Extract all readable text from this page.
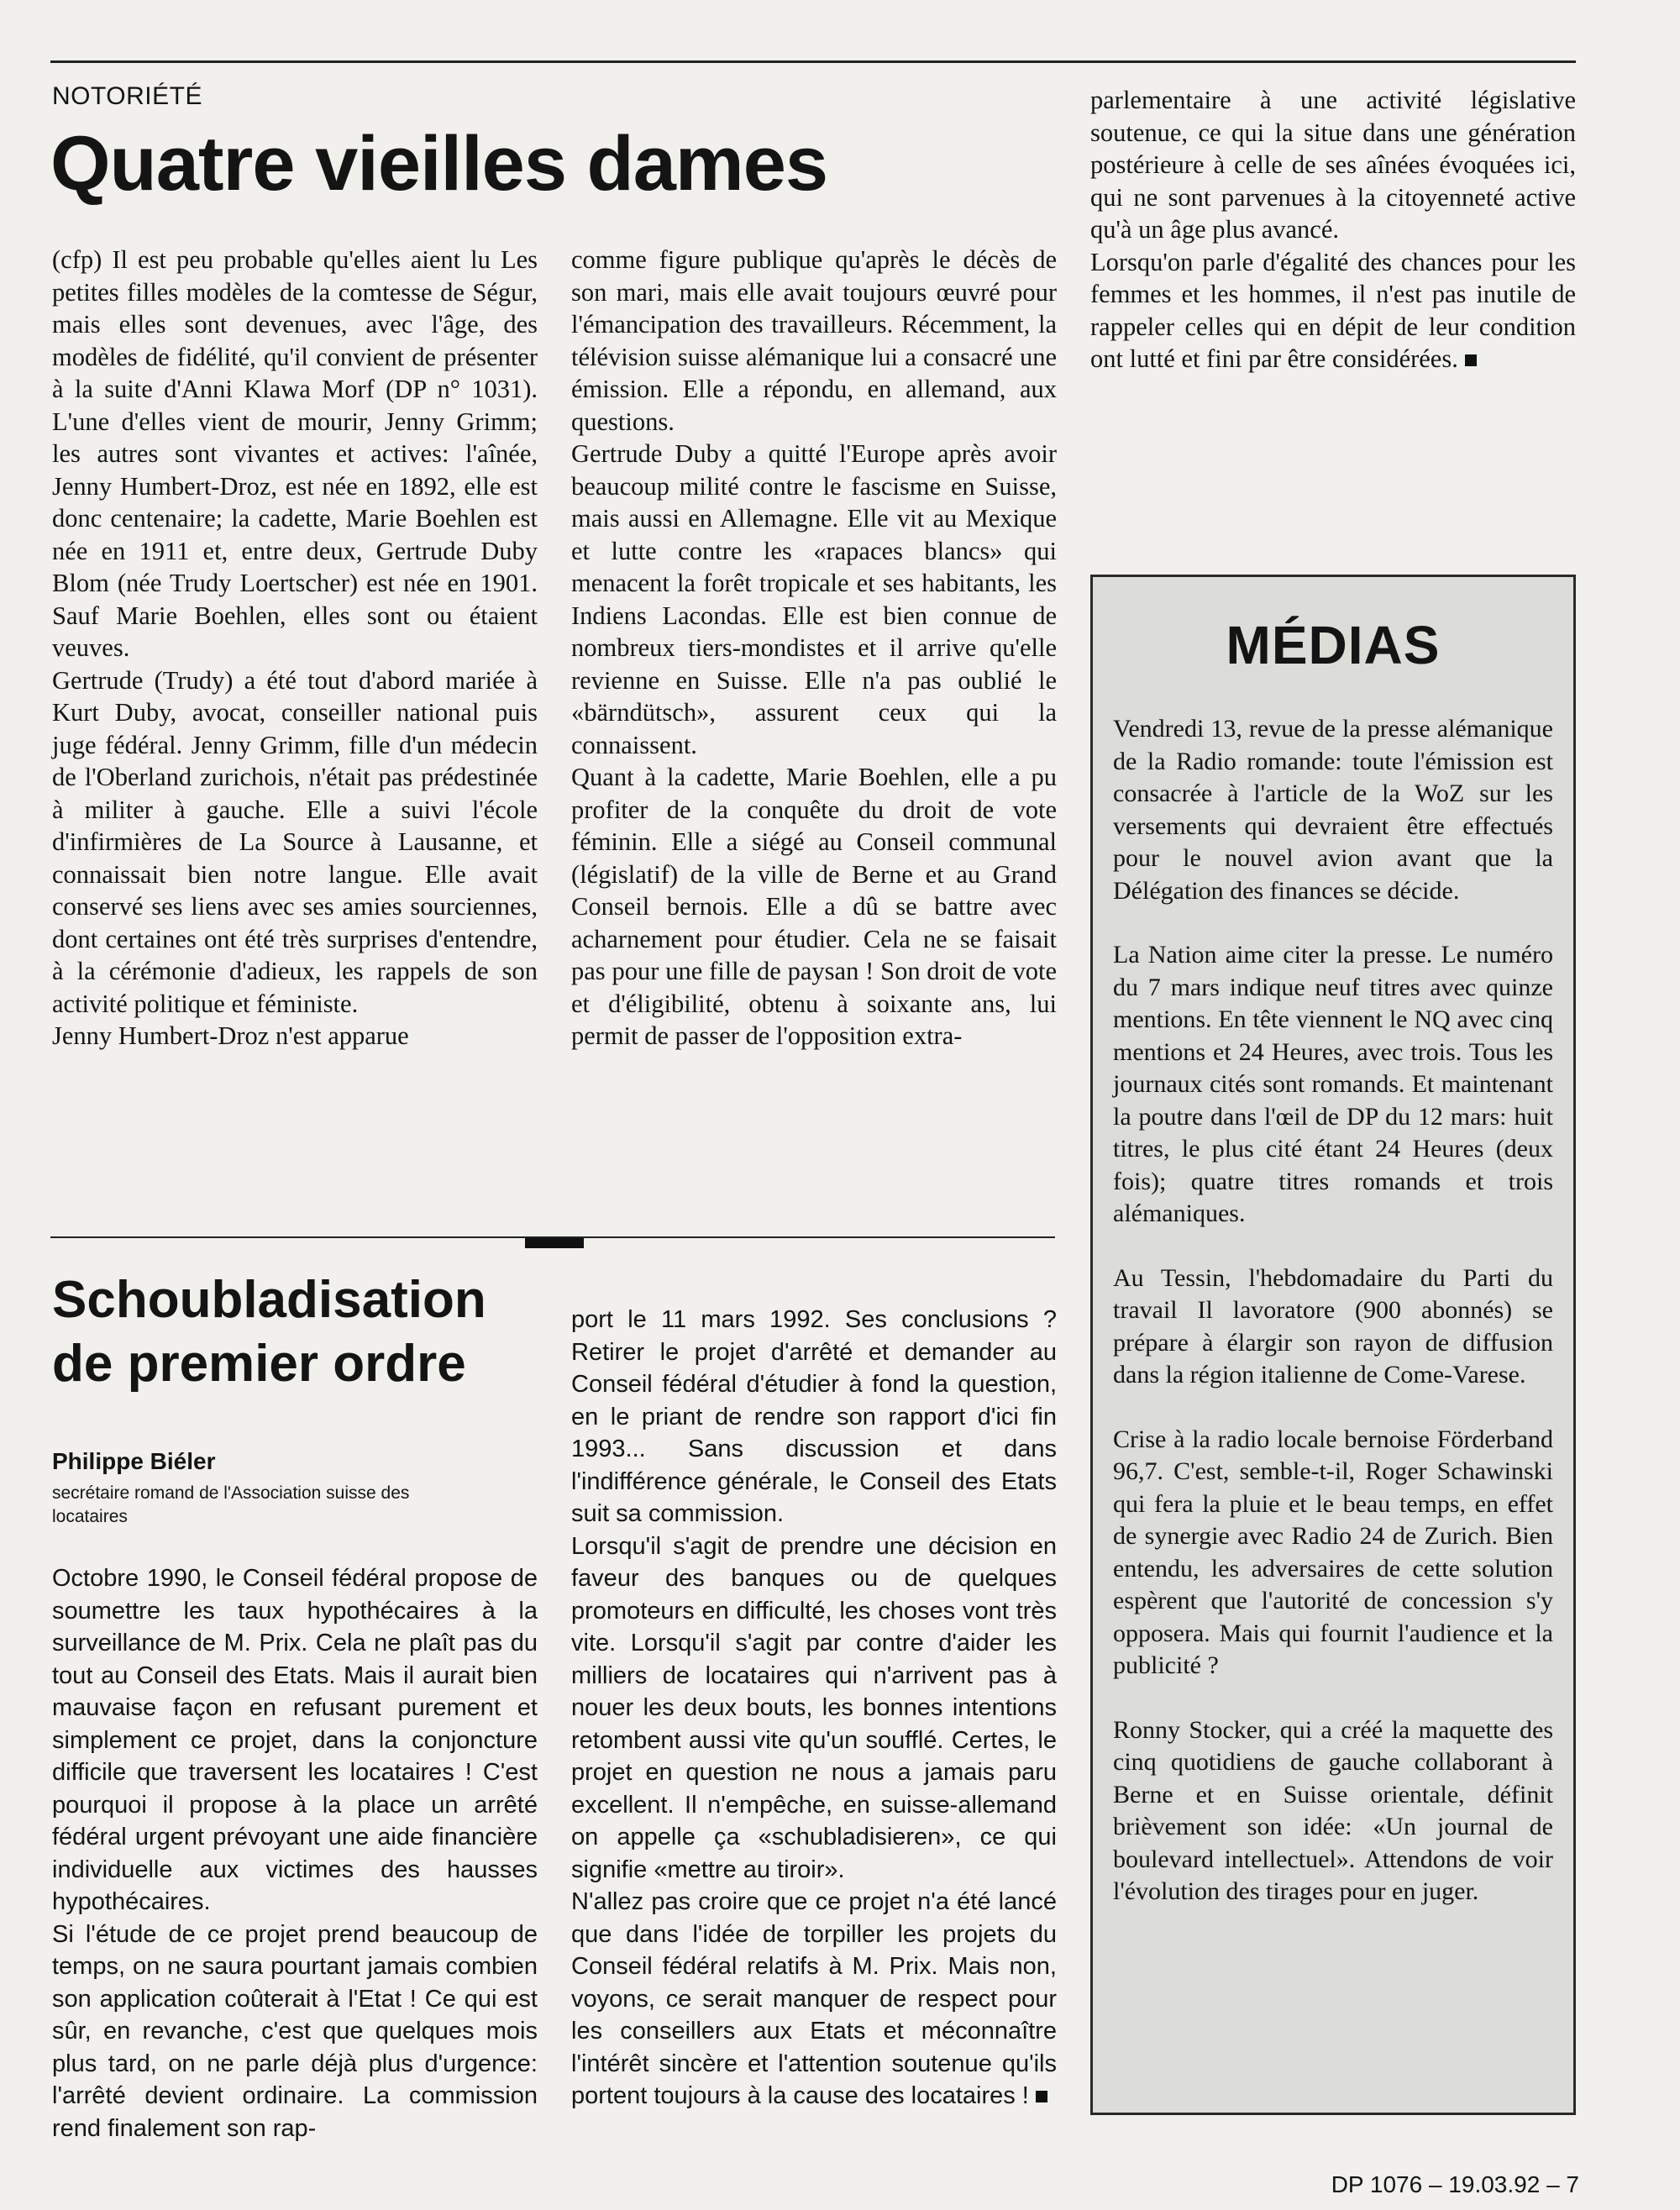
NOTORIÉTÉ
Quatre vieilles dames

(cfp) Il est peu probable qu'elles aient lu Les petites filles modèles de la comtesse de Ségur, mais elles sont devenues, avec l'âge, des modèles de fidélité, qu'il convient de présenter à la suite d'Anni Klawa Morf (DP n° 1031). L'une d'elles vient de mourir, Jenny Grimm; les autres sont vivantes et actives: l'aînée, Jenny Humbert-Droz, est née en 1892, elle est donc centenaire; la cadette, Marie Boehlen est née en 1911 et, entre deux, Gertrude Duby Blom (née Trudy Loertscher) est née en 1901. Sauf Marie Boehlen, elles sont ou étaient veuves.

Gertrude (Trudy) a été tout d'abord mariée à Kurt Duby, avocat, conseiller national puis juge fédéral. Jenny Grimm, fille d'un médecin de l'Oberland zurichois, n'était pas prédestinée à militer à gauche. Elle a suivi l'école d'infirmières de La Source à Lausanne, et connaissait bien notre langue. Elle avait conservé ses liens avec ses amies sourciennes, dont certaines ont été très surprises d'entendre, à la cérémonie d'adieux, les rappels de son activité politique et féministe.

Jenny Humbert-Droz n'est apparue

comme figure publique qu'après le décès de son mari, mais elle avait toujours œuvré pour l'émancipation des travailleurs. Récemment, la télévision suisse alémanique lui a consacré une émission. Elle a répondu, en allemand, aux questions.

Gertrude Duby a quitté l'Europe après avoir beaucoup milité contre le fascisme en Suisse, mais aussi en Allemagne. Elle vit au Mexique et lutte contre les «rapaces blancs» qui menacent la forêt tropicale et ses habitants, les Indiens Lacondas. Elle est bien connue de nombreux tiers-mondistes et il arrive qu'elle revienne en Suisse. Elle n'a pas oublié le «bärndütsch», assurent ceux qui la connaissent.

Quant à la cadette, Marie Boehlen, elle a pu profiter de la conquête du droit de vote féminin. Elle a siégé au Conseil communal (législatif) de la ville de Berne et au Grand Conseil bernois. Elle a dû se battre avec acharnement pour étudier. Cela ne se faisait pas pour une fille de paysan ! Son droit de vote et d'éligibilité, obtenu à soixante ans, lui permit de passer de l'opposition extra-

parlementaire à une activité législative soutenue, ce qui la situe dans une génération postérieure à celle de ses aînées évoquées ici, qui ne sont parvenues à la citoyenneté active qu'à un âge plus avancé.

Lorsqu'on parle d'égalité des chances pour les femmes et les hommes, il n'est pas inutile de rappeler celles qui en dépit de leur condition ont lutté et fini par être considérées.

Schoubladisation
de premier ordre
Philippe Biéler
secrétaire romand de l'Association suisse des locataires

Octobre 1990, le Conseil fédéral propose de soumettre les taux hypothécaires à la surveillance de M. Prix. Cela ne plaît pas du tout au Conseil des Etats. Mais il aurait bien mauvaise façon en refusant purement et simplement ce projet, dans la conjoncture difficile que traversent les locataires ! C'est pourquoi il propose à la place un arrêté fédéral urgent prévoyant une aide financière individuelle aux victimes des hausses hypothécaires.

Si l'étude de ce projet prend beaucoup de temps, on ne saura pourtant jamais combien son application coûterait à l'Etat ! Ce qui est sûr, en revanche, c'est que quelques mois plus tard, on ne parle déjà plus d'urgence: l'arrêté devient ordinaire. La commission rend finalement son rap-

port le 11 mars 1992. Ses conclusions ? Retirer le projet d'arrêté et demander au Conseil fédéral d'étudier à fond la question, en le priant de rendre son rapport d'ici fin 1993... Sans discussion et dans l'indifférence générale, le Conseil des Etats suit sa commission.

Lorsqu'il s'agit de prendre une décision en faveur des banques ou de quelques promoteurs en difficulté, les choses vont très vite. Lorsqu'il s'agit par contre d'aider les milliers de locataires qui n'arrivent pas à nouer les deux bouts, les bonnes intentions retombent aussi vite qu'un soufflé. Certes, le projet en question ne nous a jamais paru excellent. Il n'empêche, en suisse-allemand on appelle ça «schubladisieren», ce qui signifie «mettre au tiroir».

N'allez pas croire que ce projet n'a été lancé que dans l'idée de torpiller les projets du Conseil fédéral relatifs à M. Prix. Mais non, voyons, ce serait manquer de respect pour les conseillers aux Etats et méconnaître l'intérêt sincère et l'attention soutenue qu'ils portent toujours à la cause des locataires !

MÉDIAS

Vendredi 13, revue de la presse alémanique de la Radio romande: toute l'émission est consacrée à l'article de la WoZ sur les versements qui devraient être effectués pour le nouvel avion avant que la Délégation des finances se décide.

La Nation aime citer la presse. Le numéro du 7 mars indique neuf titres avec quinze mentions. En tête viennent le NQ avec cinq mentions et 24 Heures, avec trois. Tous les journaux cités sont romands. Et maintenant la poutre dans l'œil de DP du 12 mars: huit titres, le plus cité étant 24 Heures (deux fois); quatre titres romands et trois alémaniques.

Au Tessin, l'hebdomadaire du Parti du travail Il lavoratore (900 abonnés) se prépare à élargir son rayon de diffusion dans la région italienne de Come-Varese.

Crise à la radio locale bernoise Förderband 96,7. C'est, semble-t-il, Roger Schawinski qui fera la pluie et le beau temps, en effet de synergie avec Radio 24 de Zurich. Bien entendu, les adversaires de cette solution espèrent que l'autorité de concession s'y opposera. Mais qui fournit l'audience et la publicité ?

Ronny Stocker, qui a créé la maquette des cinq quotidiens de gauche collaborant à Berne et en Suisse orientale, définit brièvement son idée: «Un journal de boulevard intellectuel». Attendons de voir l'évolution des tirages pour en juger.

DP 1076 – 19.03.92 – 7
